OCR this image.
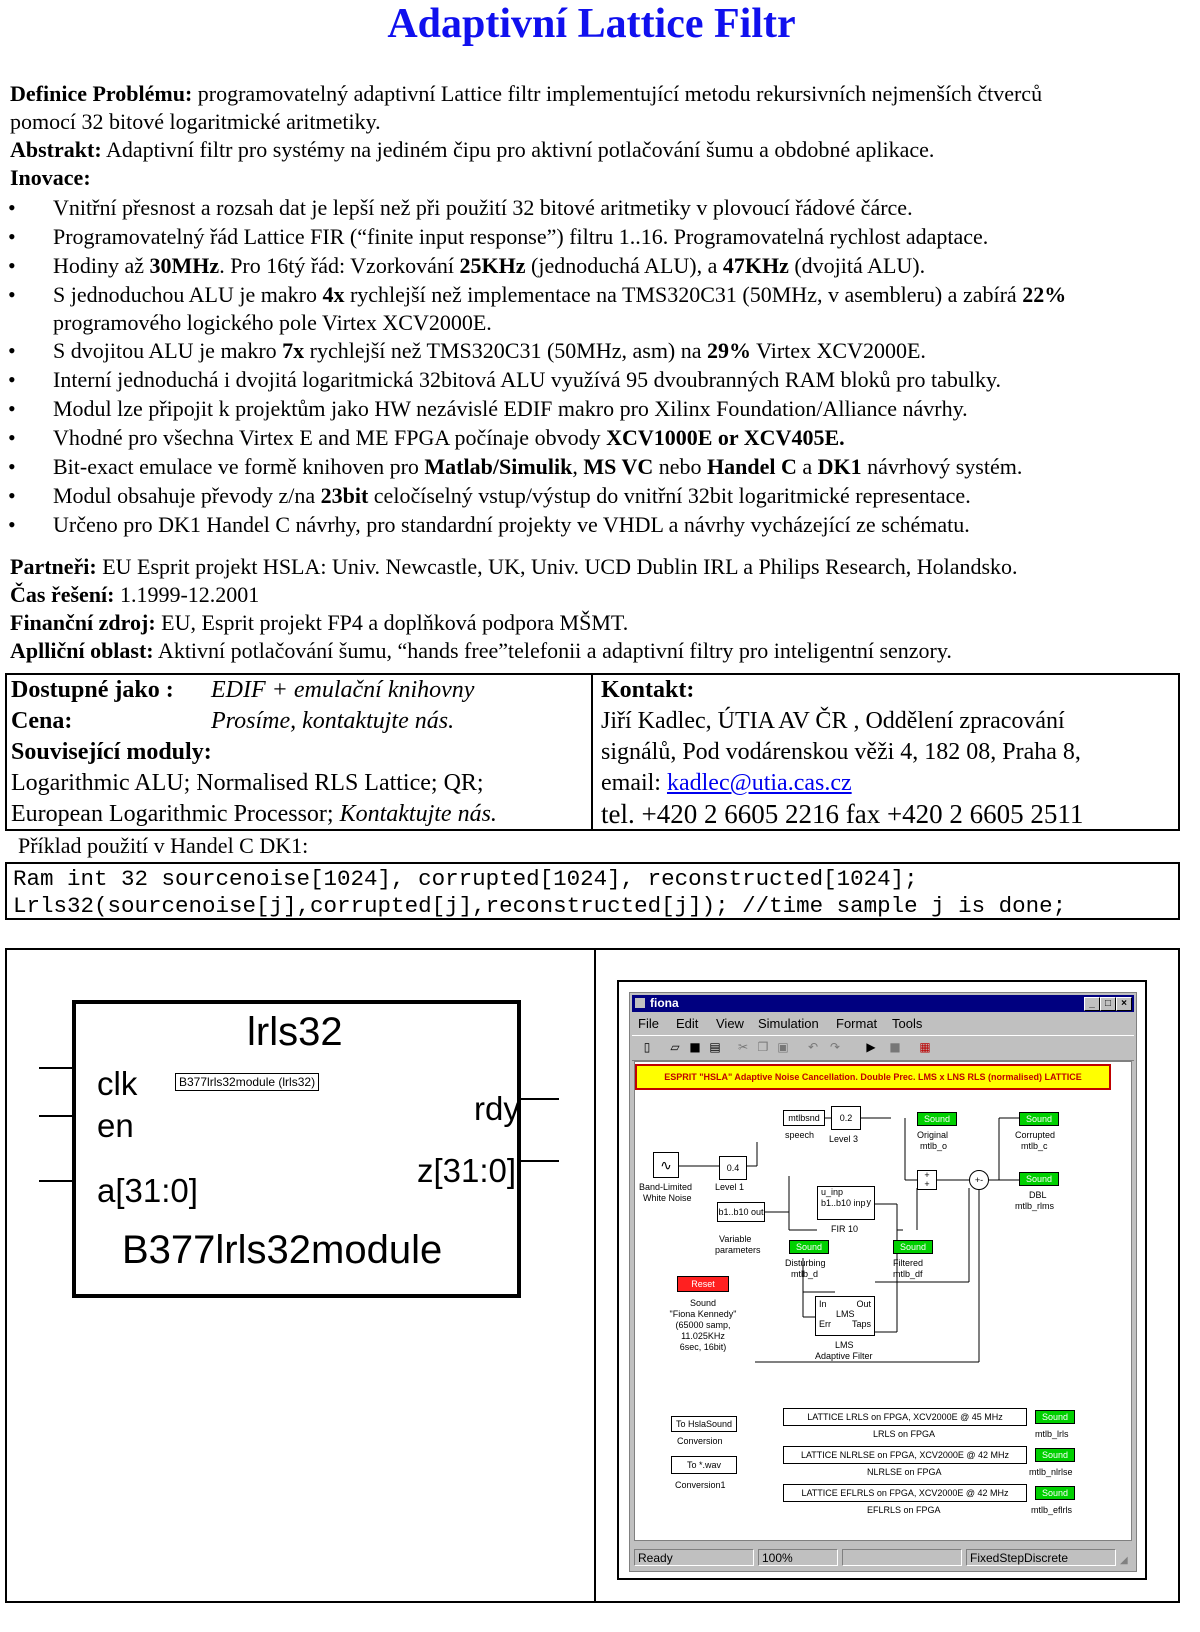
Adaptivní Lattice Filtr
Definice Problému: programovatelný adaptivní Lattice filtr implementující metodu rekursivních nejmenších čtverců
pomocí 32 bitové logaritmické aritmetiky.
Abstrakt: Adaptivní filtr pro systémy na jediném čipu pro aktivní potlačování šumu a obdobné aplikace.
Inovace:
• Vnitřní přesnost a rozsah dat je lepší než při použití 32 bitové aritmetiky v plovoucí řádové čárce.
• Programovatelný řád Lattice FIR (“finite input response”) filtru 1..16. Programovatelná rychlost adaptace.
• Hodiny až 30MHz. Pro 16tý řád: Vzorkování 25KHz (jednoduchá ALU), a 47KHz (dvojitá ALU).
• S jednoduchou ALU je makro 4x rychlejší než implementace na TMS320C31 (50MHz, v asembleru) a zabírá 22% programového logického pole Virtex XCV2000E.
• S dvojitou ALU je makro 7x rychlejší než TMS320C31 (50MHz, asm) na 29% Virtex XCV2000E.
• Interní jednoduchá i dvojitá logaritmická 32bitová ALU využívá 95 dvoubranných RAM bloků pro tabulky.
• Modul lze připojit k projektům jako HW nezávislé EDIF makro pro Xilinx Foundation/Alliance návrhy.
• Vhodné pro všechna Virtex E and ME FPGA počínaje obvody XCV1000E or XCV405E.
• Bit-exact emulace ve formě knihoven pro Matlab/Simulik, MS VC nebo Handel C a DK1 návrhový systém.
• Modul obsahuje převody z/na 23bit celočíselný vstup/výstup do vnitřní 32bit logaritmické representace.
• Určeno pro DK1 Handel C návrhy, pro standardní projekty ve VHDL a návrhy vycházející ze schématu.
Partneři: EU Esprit projekt HSLA: Univ. Newcastle, UK, Univ. UCD Dublin IRL a Philips Research, Holandsko.
Čas řešení: 1.1999-12.2001
Finanční zdroj: EU, Esprit projekt FP4 a doplňková podpora MŠMT.
Aplliční oblast: Aktivní potlačování šumu, “hands free”telefonii a adaptivní filtry pro inteligentní senzory.
Dostupné jako : EDIF + emulační knihovny
Cena:	Prosíme, kontaktujte nás.
Související moduly:
Logarithmic ALU; Normalised RLS Lattice; QR;
European Logarithmic Processor; Kontaktujte nás.
Kontakt:
Jiří Kadlec, ÚTIA AV ČR , Oddělení zpracování
signálů, Pod vodárenskou věži 4, 182 08, Praha 8,
email: kadlec@utia.cas.cz
tel. +420 2 6605 2216 fax +420 2 6605 2511
Příklad použití v Handel C DK1:
Ram int 32 sourcenoise[1024], corrupted[1024], reconstructed[1024];
Lrls32(sourcenoise[j],corrupted[j],reconstructed[j]); //time sample j is done;
lrls32
B377lrls32module (lrls32)
clk
en
a[31:0]
rdy
z[31:0]
B377lrls32module
fiona	_	□	×
File Edit View Simulation Format Tools
▯	▱ ■ ▤ ✂ ❐ ▣ ↶ ↷ ▶ ■ ▦
ESPRIT "HSLA" Adaptive Noise Cancellation. Double Prec. LMS x LNS RLS (normalised) LATTICE
mtlbsnd
speech
0.2
Level 3
∿
Band-Limited
White Noise
0.4
Level 1
b1..b10 out
Variable
parameters
u_inp
b1..b10 inp y
FIR 10
Sound
Original
mtlb_o
+
+	+-
Sound
Corrupted
mtlb_c
Sound
DBL
mtlb_rlms
Sound
Disturbing
mtlb_d
Sound
Filtered
mtlb_df
Reset
Sound
"Fiona Kennedy"
(65000 samp,
11.025KHz
6sec, 16bit)
In	Out
Err Taps
LMS
LMS
Adaptive Filter
To HslaSound
Conversion
To *.wav
Conversion1
LATTICE LRLS on FPGA, XCV2000E @ 45 MHz
LRLS on FPGA
Sound
mtlb_lrls
LATTICE NLRLSE on FPGA, XCV2000E @ 42 MHz
NLRLSE on FPGA
Sound
mtlb_nlrlse
LATTICE EFLRLS on FPGA, XCV2000E @ 42 MHz
EFLRLS on FPGA
Sound
mtlb_eflrls
Ready	100%	FixedStepDiscrete	◢
